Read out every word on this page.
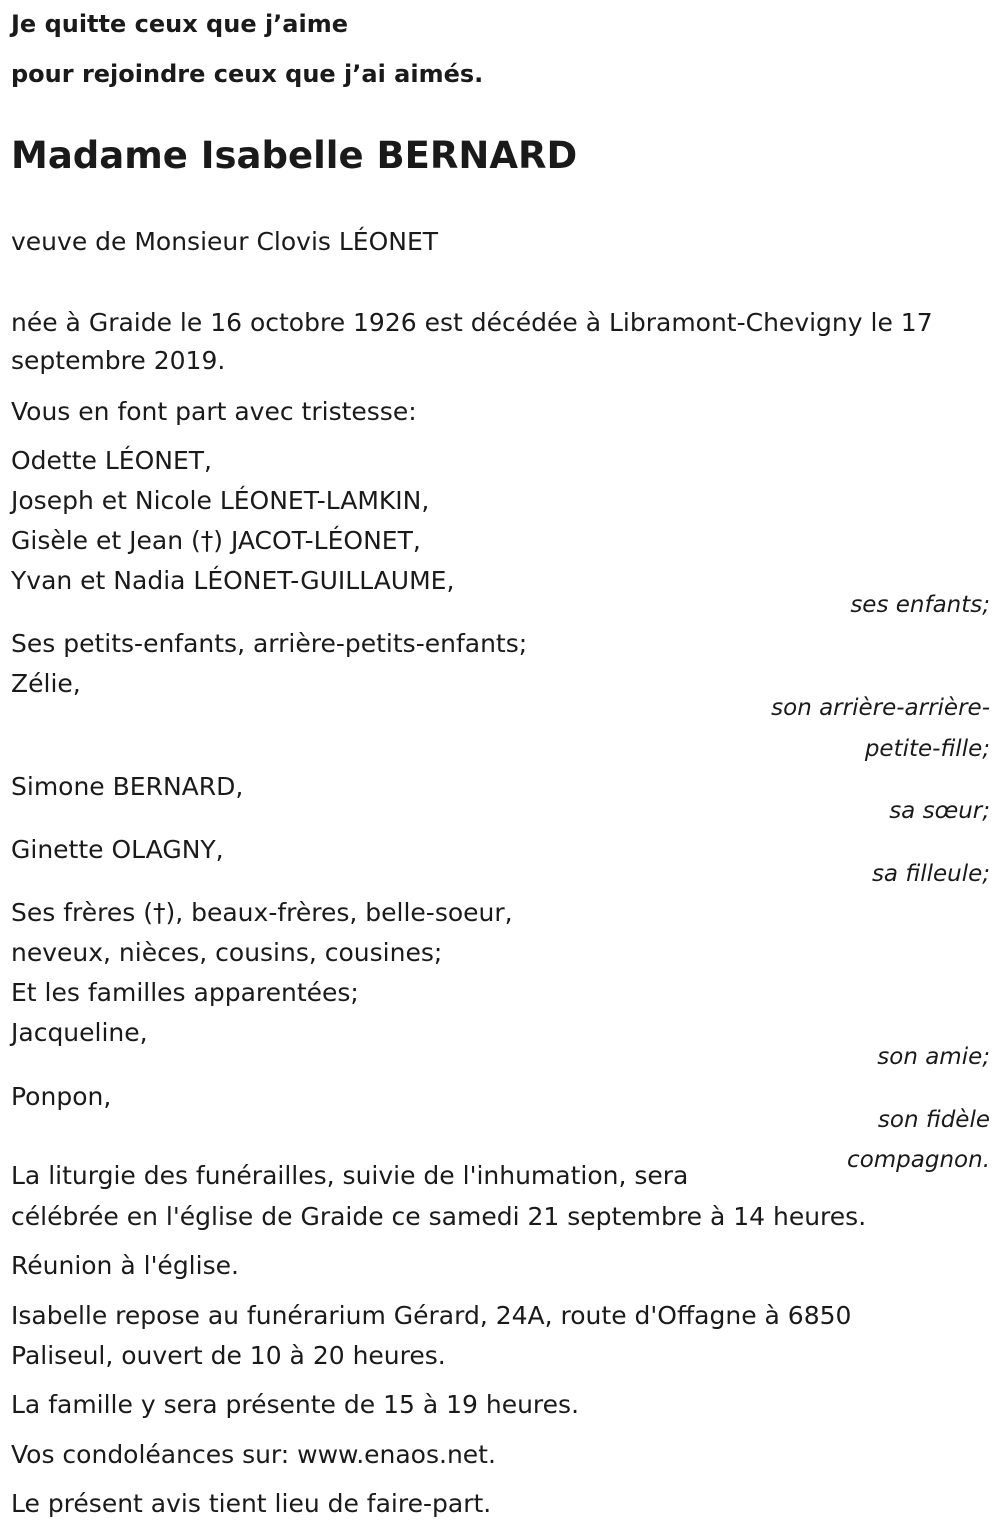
Je quitte ceux que j’aime

pour rejoindre ceux que j’ai aimés.

Madame Isabelle BERNARD

veuve de Monsieur Clovis LÉONET

née à Graide le 16 octobre 1926 est décédée à Libramont-Chevigny le 17

septembre 2019.

Vous en font part avec tristesse:

Odette LÉONET,

Joseph et Nicole LÉONET-LAMKIN,

Gisèle et Jean (†) JACOT-LÉONET,

Yvan et Nadia LÉONET-GUILLAUME,

ses enfants;

Ses petits-enfants, arrière-petits-enfants;

Zélie,

son arrière-arrière-

petite-fille;

Simone BERNARD,

sa sœur;

Ginette OLAGNY,

sa filleule;

Ses frères (†), beaux-frères, belle-soeur,

neveux, nièces, cousins, cousines;

Et les familles apparentées;

Jacqueline,

son amie;

Ponpon,

son fidèle

compagnon.

La liturgie des funérailles, suivie de l'inhumation, sera

célébrée en l'église de Graide ce samedi 21 septembre à 14 heures.

Réunion à l'église.

Isabelle repose au funérarium Gérard, 24A, route d'Offagne à 6850

Paliseul, ouvert de 10 à 20 heures.

La famille y sera présente de 15 à 19 heures.

Vos condoléances sur: www.enaos.net.

Le présent avis tient lieu de faire-part.
